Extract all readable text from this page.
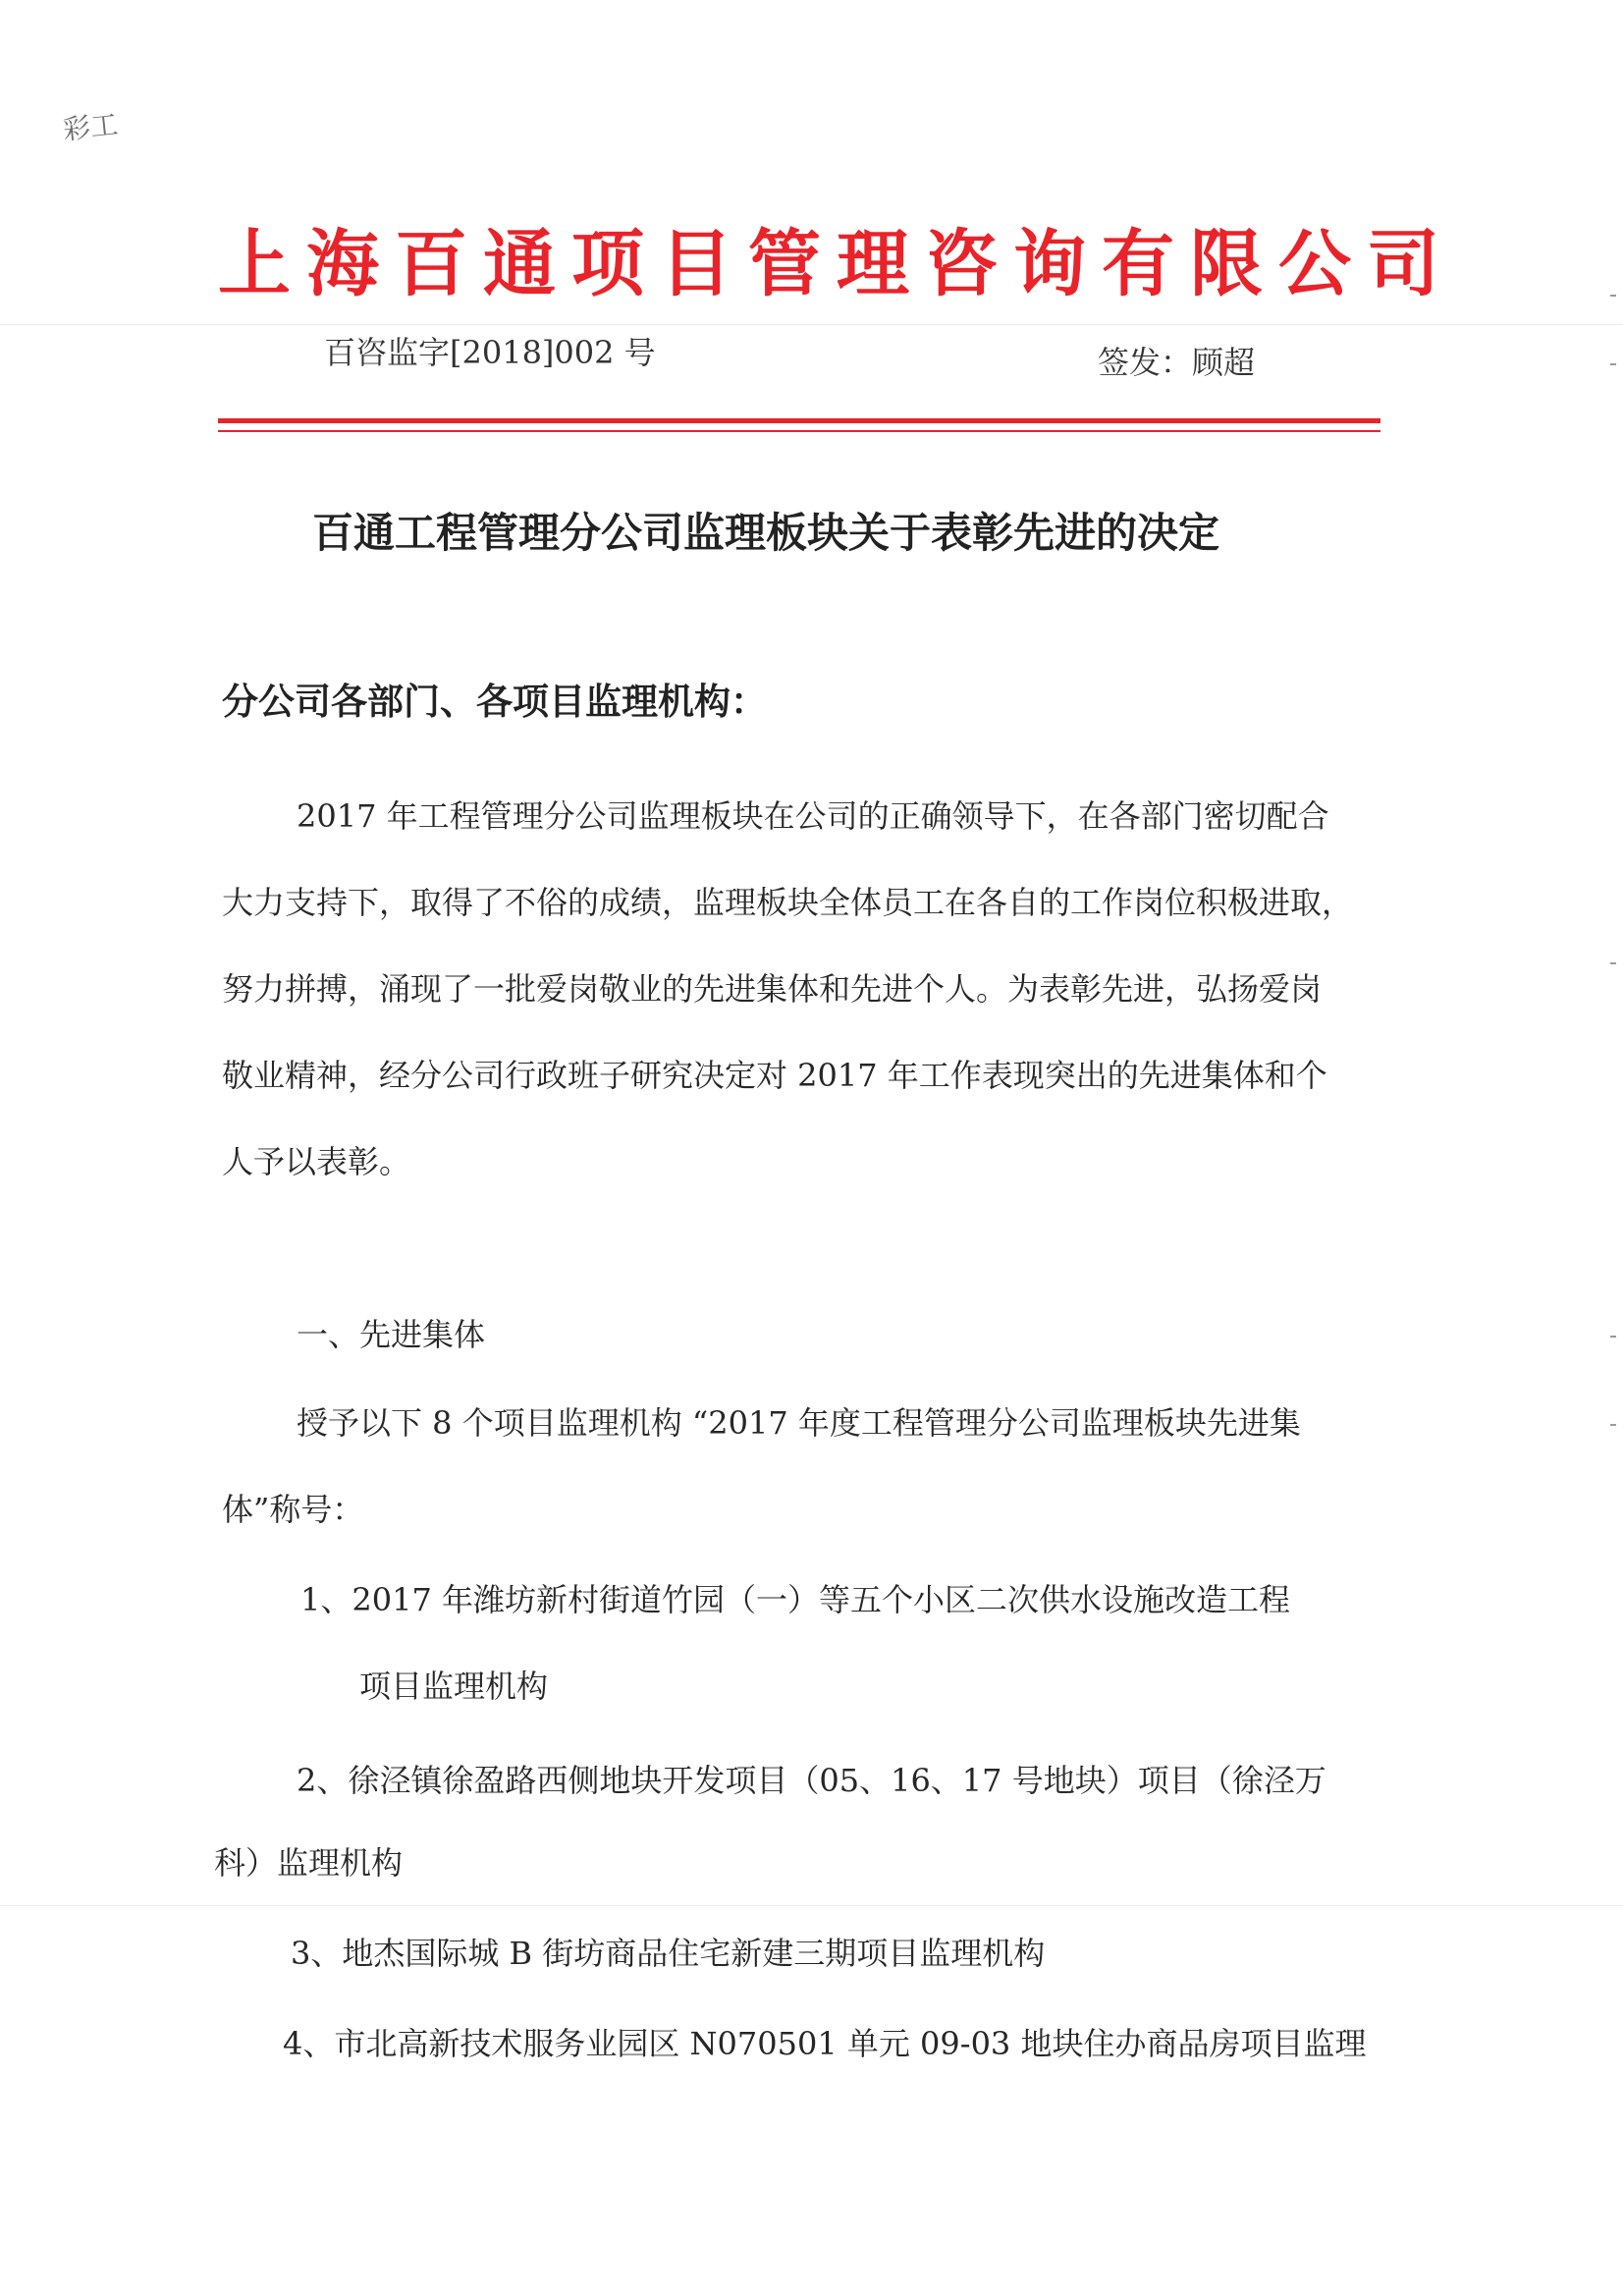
彩工
上海百通项目管理咨询有限公司
百咨监字[2018]002 号	签发：顾超
百通工程管理分公司监理板块关于表彰先进的决定
分公司各部门、各项目监理机构：
2017 年工程管理分公司监理板块在公司的正确领导下，在各部门密切配合
大力支持下，取得了不俗的成绩，监理板块全体员工在各自的工作岗位积极进取，
努力拼搏，涌现了一批爱岗敬业的先进集体和先进个人。为表彰先进，弘扬爱岗
敬业精神，经分公司行政班子研究决定对 2017 年工作表现突出的先进集体和个
人予以表彰。
一、先进集体
授予以下 8 个项目监理机构 “2017 年度工程管理分公司监理板块先进集
体”称号：
1、2017 年潍坊新村街道竹园（一）等五个小区二次供水设施改造工程
项目监理机构
2、徐泾镇徐盈路西侧地块开发项目（05、16、17 号地块）项目（徐泾万
科）监理机构
3、地杰国际城 B 街坊商品住宅新建三期项目监理机构
4、市北高新技术服务业园区 N070501 单元 09-03 地块住办商品房项目监理
